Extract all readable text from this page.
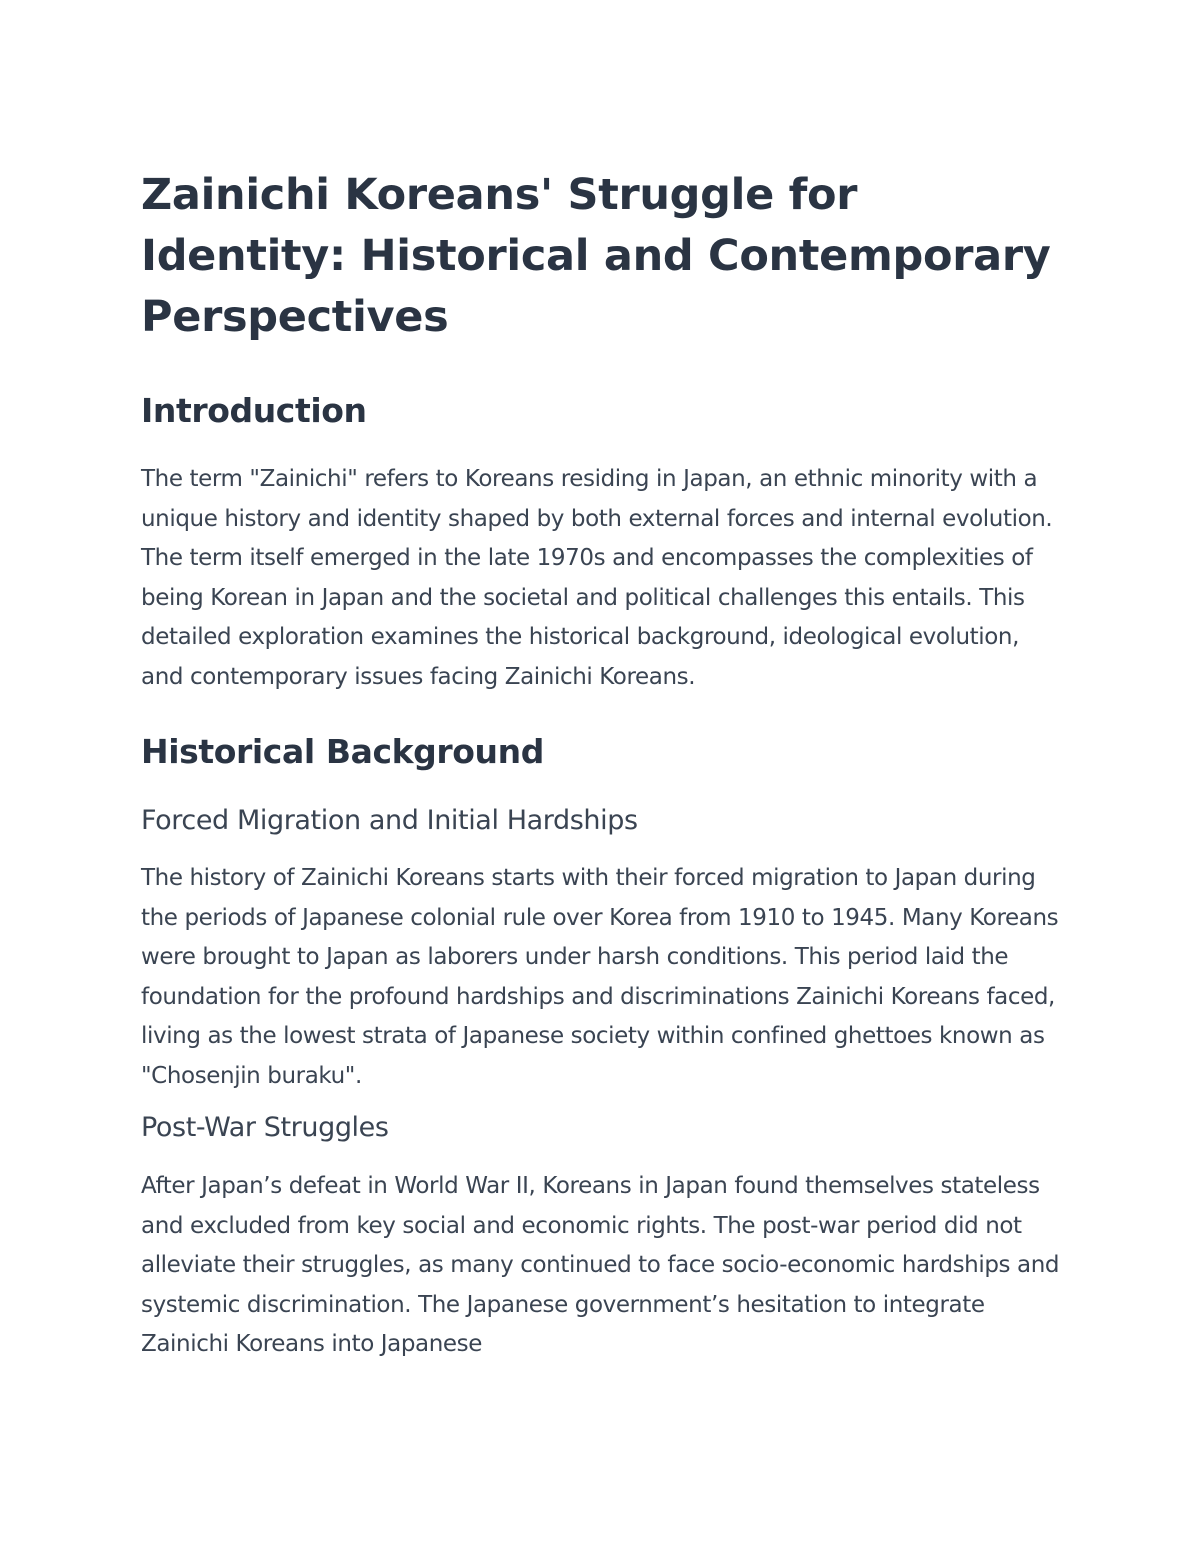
Zainichi Koreans' Struggle for Identity: Historical and Contemporary Perspectives
Introduction

The term "Zainichi" refers to Koreans residing in Japan, an ethnic minority with a unique history and identity shaped by both external forces and internal evolution. The term itself emerged in the late 1970s and encompasses the complexities of being Korean in Japan and the societal and political challenges this entails. This detailed exploration examines the historical background, ideological evolution, and contemporary issues facing Zainichi Koreans.

Historical Background
Forced Migration and Initial Hardships

The history of Zainichi Koreans starts with their forced migration to Japan during the periods of Japanese colonial rule over Korea from 1910 to 1945. Many Koreans were brought to Japan as laborers under harsh conditions. This period laid the foundation for the profound hardships and discriminations Zainichi Koreans faced, living as the lowest strata of Japanese society within confined ghettoes known as "Chosenjin buraku".

Post-War Struggles

After Japan’s defeat in World War II, Koreans in Japan found themselves stateless and excluded from key social and economic rights. The post-war period did not alleviate their struggles, as many continued to face socio-economic hardships and systemic discrimination. The Japanese government’s hesitation to integrate Zainichi Koreans into Japanese
